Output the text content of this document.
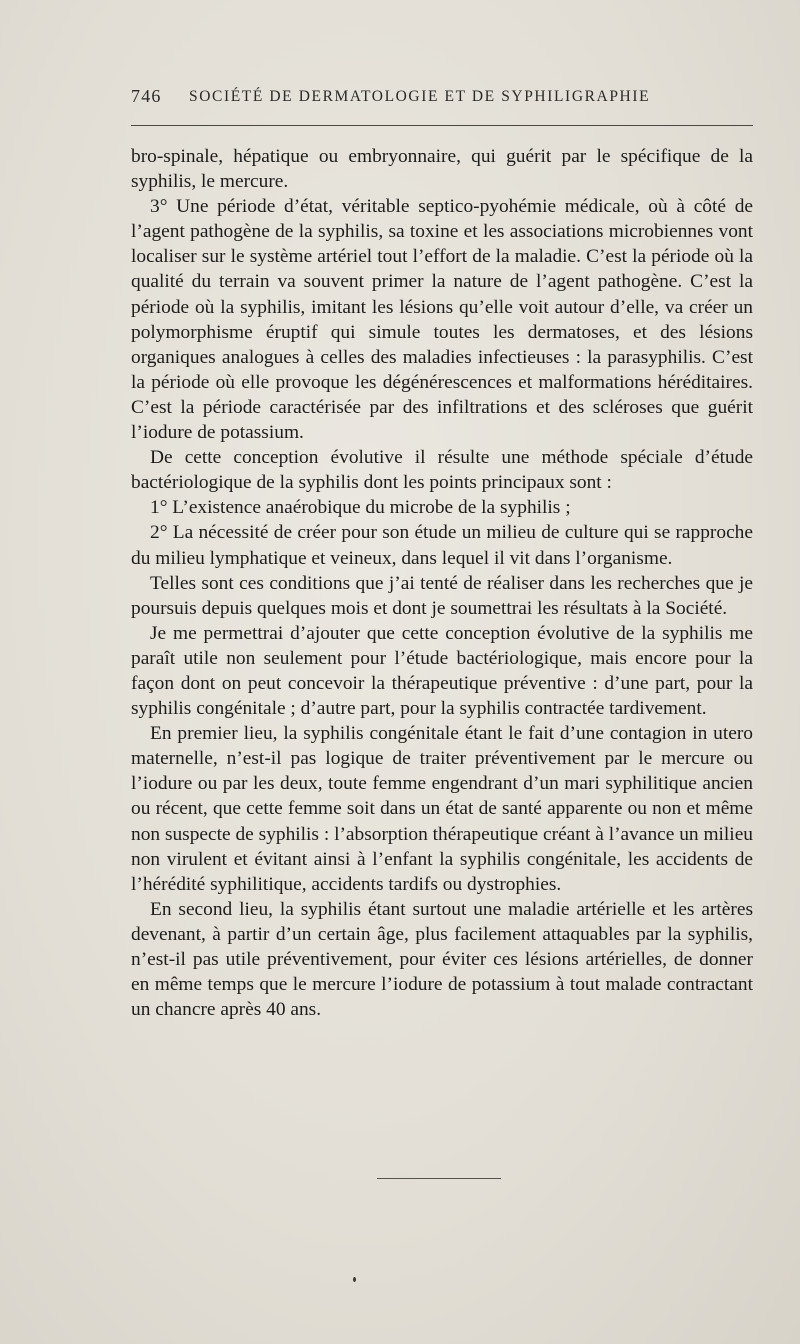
746 SOCIÉTÉ DE DERMATOLOGIE ET DE SYPHILIGRAPHIE

bro-spinale, hépatique ou embryonnaire, qui guérit par le spécifique de la syphilis, le mercure.

3° Une période d’état, véritable septico-pyohémie médicale, où à côté de l’agent pathogène de la syphilis, sa toxine et les associations microbiennes vont localiser sur le système artériel tout l’effort de la maladie. C’est la période où la qualité du terrain va souvent primer la nature de l’agent pathogène. C’est la période où la syphilis, imitant les lésions qu’elle voit autour d’elle, va créer un polymorphisme éruptif qui simule toutes les dermatoses, et des lésions organiques analogues à celles des maladies infectieuses : la parasyphilis. C’est la période où elle provoque les dégénérescences et malformations héréditaires. C’est la période caractérisée par des infiltrations et des scléroses que guérit l’iodure de potassium.

De cette conception évolutive il résulte une méthode spéciale d’étude bactériologique de la syphilis dont les points principaux sont :

1° L’existence anaérobique du microbe de la syphilis ;

2° La nécessité de créer pour son étude un milieu de culture qui se rapproche du milieu lymphatique et veineux, dans lequel il vit dans l’organisme.

Telles sont ces conditions que j’ai tenté de réaliser dans les recherches que je poursuis depuis quelques mois et dont je soumettrai les résultats à la Société.

Je me permettrai d’ajouter que cette conception évolutive de la syphilis me paraît utile non seulement pour l’étude bactériologique, mais encore pour la façon dont on peut concevoir la thérapeutique préventive : d’une part, pour la syphilis congénitale ; d’autre part, pour la syphilis contractée tardivement.

En premier lieu, la syphilis congénitale étant le fait d’une contagion in utero maternelle, n’est-il pas logique de traiter préventivement par le mercure ou l’iodure ou par les deux, toute femme engendrant d’un mari syphilitique ancien ou récent, que cette femme soit dans un état de santé apparente ou non et même non suspecte de syphilis : l’absorption thérapeutique créant à l’avance un milieu non virulent et évitant ainsi à l’enfant la syphilis congénitale, les accidents de l’hérédité syphilitique, accidents tardifs ou dystrophies.

En second lieu, la syphilis étant surtout une maladie artérielle et les artères devenant, à partir d’un certain âge, plus facilement attaquables par la syphilis, n’est-il pas utile préventivement, pour éviter ces lésions artérielles, de donner en même temps que le mercure l’iodure de potassium à tout malade contractant un chancre après 40 ans.
